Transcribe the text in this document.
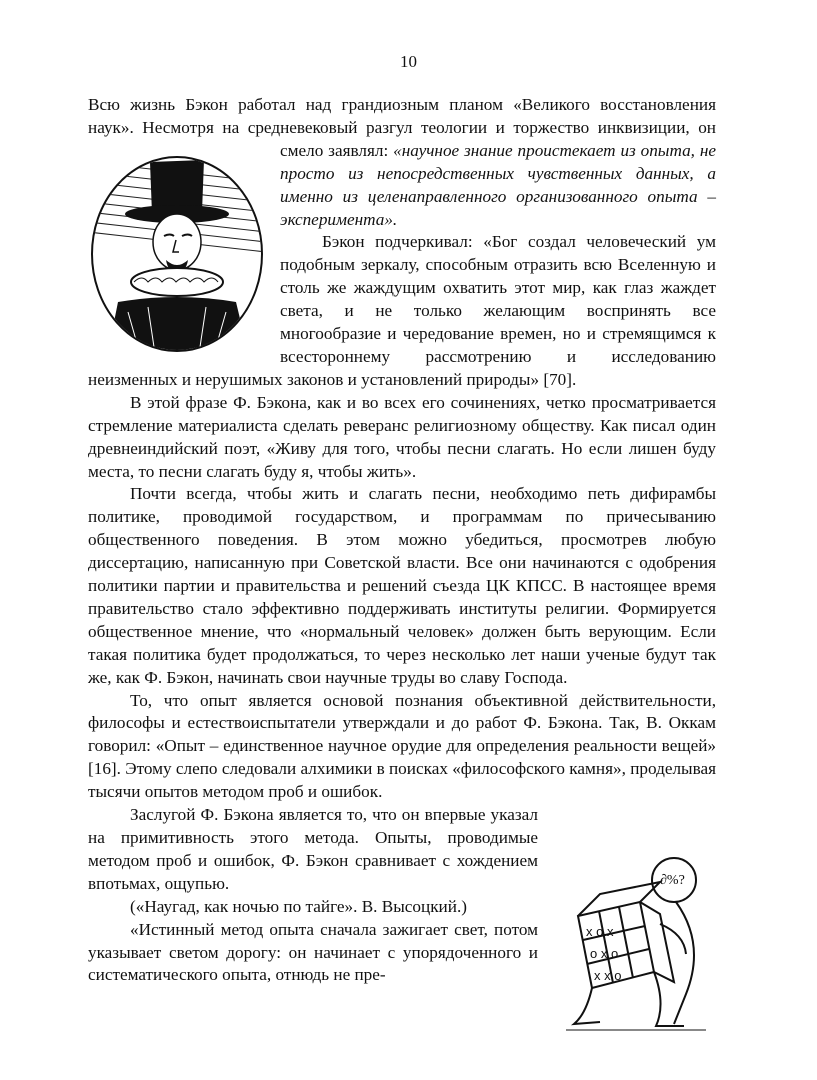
10

Всю жизнь Бэкон работал над грандиозным планом «Великого восстановления наук». Несмотря на средневековый разгул теологии и торжество инквизиции, он смело заявлял:
«научное знание проистекает из опыта, не просто из непосредственных чувственных данных, а именно из целенаправленного организованного опыта – эксперимента».

Бэкон подчеркивал: «Бог создал человеческий ум подобным зеркалу, способным отразить всю Вселенную и столь же жаждущим охватить этот мир, как глаз жаждет света, и не только желающим воспринять все многообразие и чередование времен, но и стремящимся к всестороннему рассмотрению и исследованию неизменных и нерушимых законов и установлений природы» [70].

В этой фразе Ф. Бэкона, как и во всех его сочинениях, четко просматривается стремление материалиста сделать реверанс религиозному обществу. Как писал один древнеиндийский поэт, «Живу для того, чтобы песни слагать. Но если лишен буду места, то песни слагать буду я, чтобы жить».

Почти всегда, чтобы жить и слагать песни, необходимо петь дифирамбы политике, проводимой государством, и программам по причесыванию общественного поведения. В этом можно убедиться, просмотрев любую диссертацию, написанную при Советской власти. Все они начинаются с одобрения политики партии и правительства и решений съезда ЦК КПСС. В настоящее время правительство стало эффективно поддерживать институты религии. Формируется общественное мнение, что «нормальный человек» должен быть верующим. Если такая политика будет продолжаться, то через несколько лет наши ученые будут так же, как Ф. Бэкон, начинать свои научные труды во славу Господа.

То, что опыт является основой познания объективной действительности, философы и естествоиспытатели утверждали и до работ Ф. Бэкона. Так, В. Оккам говорил: «Опыт – единственное научное орудие для определения реальности вещей» [16]. Этому слепо следовали алхимики в поисках «философского камня», проделывая тысячи опытов методом проб и ошибок.

∂%?
x o x
o x o
x x o

Заслугой Ф. Бэкона является то, что он впервые указал на примитивность этого метода. Опыты, проводимые методом проб и ошибок, Ф. Бэкон сравнивает с хождением впотьмах, ощупью.

(«Наугад, как ночью по тайге». В. Высоцкий.)

«Истинный метод опыта сначала зажигает свет, потом указывает светом дорогу: он начинает с упорядоченного и систематического опыта, отнюдь не пре-
